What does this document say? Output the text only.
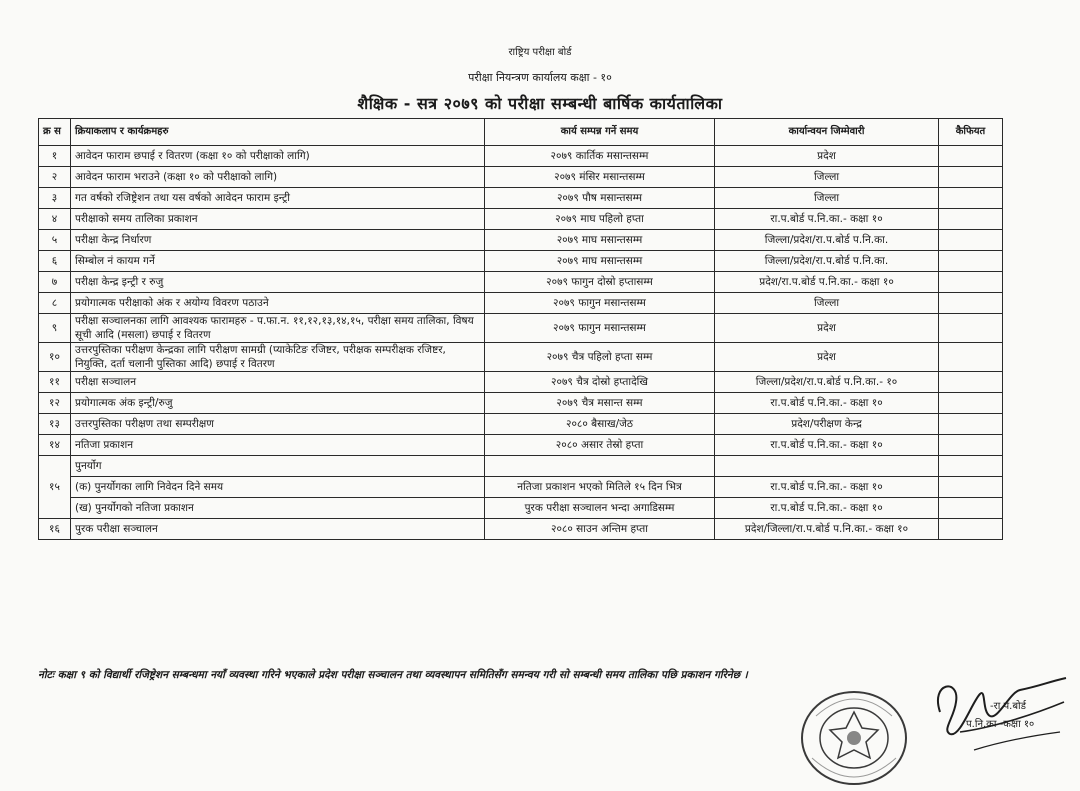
राष्ट्रिय परीक्षा बोर्ड
परीक्षा नियन्त्रण कार्यालय कक्षा - १०
शैक्षिक - सत्र २०७९ को परीक्षा सम्बन्धी बार्षिक कार्यतालिका
क्र स	क्रियाकलाप र कार्यक्रमहरु	कार्य सम्पन्न गर्ने समय	कार्यान्वयन जिम्मेवारी	कैफियत
१	आवेदन फाराम छपाई र वितरण (कक्षा १० को परीक्षाको लागि)	२०७९ कार्तिक मसान्तसम्म	प्रदेश	
२	आवेदन फाराम भराउने (कक्षा १० को परीक्षाको लागि)	२०७९ मंसिर मसान्तसम्म	जिल्ला	
३	गत वर्षको रजिष्ट्रेशन तथा यस वर्षको आवेदन फाराम इन्ट्री	२०७९ पौष मसान्तसम्म	जिल्ला	
४	परीक्षाको समय तालिका प्रकाशन	२०७९ माघ पहिलो हप्ता	रा.प.बोर्ड प.नि.का.- कक्षा १०	
५	परीक्षा केन्द्र निर्धारण	२०७९ माघ मसान्तसम्म	जिल्ला/प्रदेश/रा.प.बोर्ड प.नि.का.	
६	सिम्बोल नं कायम गर्ने	२०७९ माघ मसान्तसम्म	जिल्ला/प्रदेश/रा.प.बोर्ड प.नि.का.	
७	परीक्षा केन्द्र इन्ट्री र रुजु	२०७९ फागुन दोस्रो हप्तासम्म	प्रदेश/रा.प.बोर्ड प.नि.का.- कक्षा १०	
८	प्रयोगात्मक परीक्षाको अंक र अयोग्य विवरण पठाउने	२०७९ फागुन मसान्तसम्म	जिल्ला	
९	परीक्षा सञ्चालनका लागि आवश्यक फारामहरु - प.फा.न. ११,१२,१३,१४,१५, परीक्षा समय तालिका, विषय सूची आदि (मसला) छपाई र वितरण	२०७९ फागुन मसान्तसम्म	प्रदेश	
१०	उत्तरपुस्तिका परीक्षण केन्द्रका लागि परीक्षण सामग्री (प्याकेटिङ रजिष्टर, परीक्षक सम्परीक्षक रजिष्टर, नियुक्ति, दर्ता चलानी पुस्तिका आदि) छपाई र वितरण	२०७९ चैत्र पहिलो हप्ता सम्म	प्रदेश	
११	परीक्षा सञ्चालन	२०७९ चैत्र दोस्रो हप्तादेखि	जिल्ला/प्रदेश/रा.प.बोर्ड प.नि.का.- १०	
१२	प्रयोगात्मक अंक इन्ट्री/रुजु	२०७९ चैत्र मसान्त सम्म	रा.प.बोर्ड प.नि.का.- कक्षा १०	
१३	उत्तरपुस्तिका परीक्षण तथा सम्परीक्षण	२०८० बैसाख/जेठ	प्रदेश/परीक्षण केन्द्र	
१४	नतिजा प्रकाशन	२०८० असार तेस्रो हप्ता	रा.प.बोर्ड प.नि.का.- कक्षा १०	
१५	पुनर्योग			
	(क) पुनर्योगका लागि निवेदन दिने समय	नतिजा प्रकाशन भएको मितिले १५ दिन भित्र	रा.प.बोर्ड प.नि.का.- कक्षा १०	
	(ख) पुनर्योगको नतिजा प्रकाशन	पुरक परीक्षा सञ्चालन भन्दा अगाडिसम्म	रा.प.बोर्ड प.नि.का.- कक्षा १०	
१६	पुरक परीक्षा सञ्चालन	२०८० साउन अन्तिम हप्ता	प्रदेश/जिल्ला/रा.प.बोर्ड प.नि.का.- कक्षा १०	
नोटः कक्षा ९ को विद्यार्थी रजिष्ट्रेशन सम्बन्धमा नयाँ व्यवस्था गरिने भएकाले प्रदेश परीक्षा सञ्चालन तथा व्यवस्थापन समितिसँग समन्वय गरी सो सम्बन्धी समय तालिका पछि प्रकाशन गरिनेछ ।
-रा.प.बोर्ड
प.नि.का -कक्षा १०
